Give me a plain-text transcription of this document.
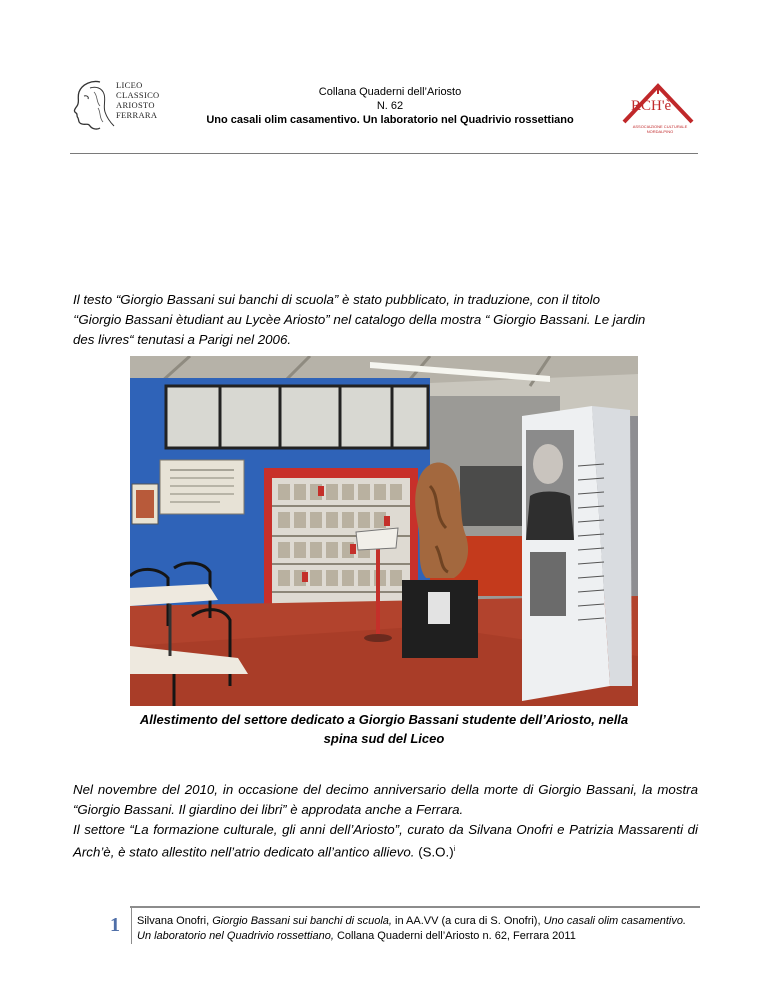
LICEO
CLASSICO
ARIOSTO
FERRARA
Collana Quaderni dell’Ariosto
N. 62
Uno casali olim casamentivo. Un laboratorio nel Quadrivio rossettiano
RCH'è
ASSOCIAZIONE CULTURALE NORDALPINO
Il testo “Giorgio Bassani sui banchi di scuola” è stato pubblicato, in traduzione, con il titolo
‘‘Giorgio Bassani ètudiant au Lycèe Ariosto” nel catalogo della mostra “ Giorgio Bassani. Le jardin
des livres“ tenutasi a Parigi nel 2006.
Allestimento del settore dedicato a Giorgio Bassani studente dell’Ariosto, nella
spina sud del Liceo

Nel novembre del 2010, in occasione del decimo anniversario della morte di Giorgio Bassani, la mostra “Giorgio Bassani. Il giardino dei libri” è approdata anche a Ferrara.

Il settore “La formazione culturale, gli anni dell’Ariosto”, curato da Silvana Onofri e Patrizia Massarenti di Arch’è, è stato allestito nell’atrio dedicato all’antico allievo. $(S.O.)^i$

1 Silvana Onofri, Giorgio Bassani sui banchi di scuola, in AA.VV (a cura di S. Onofri), Uno casali olim casamentivo. Un laboratorio nel Quadrivio rossettiano, Collana Quaderni dell’Ariosto n. 62, Ferrara 2011
